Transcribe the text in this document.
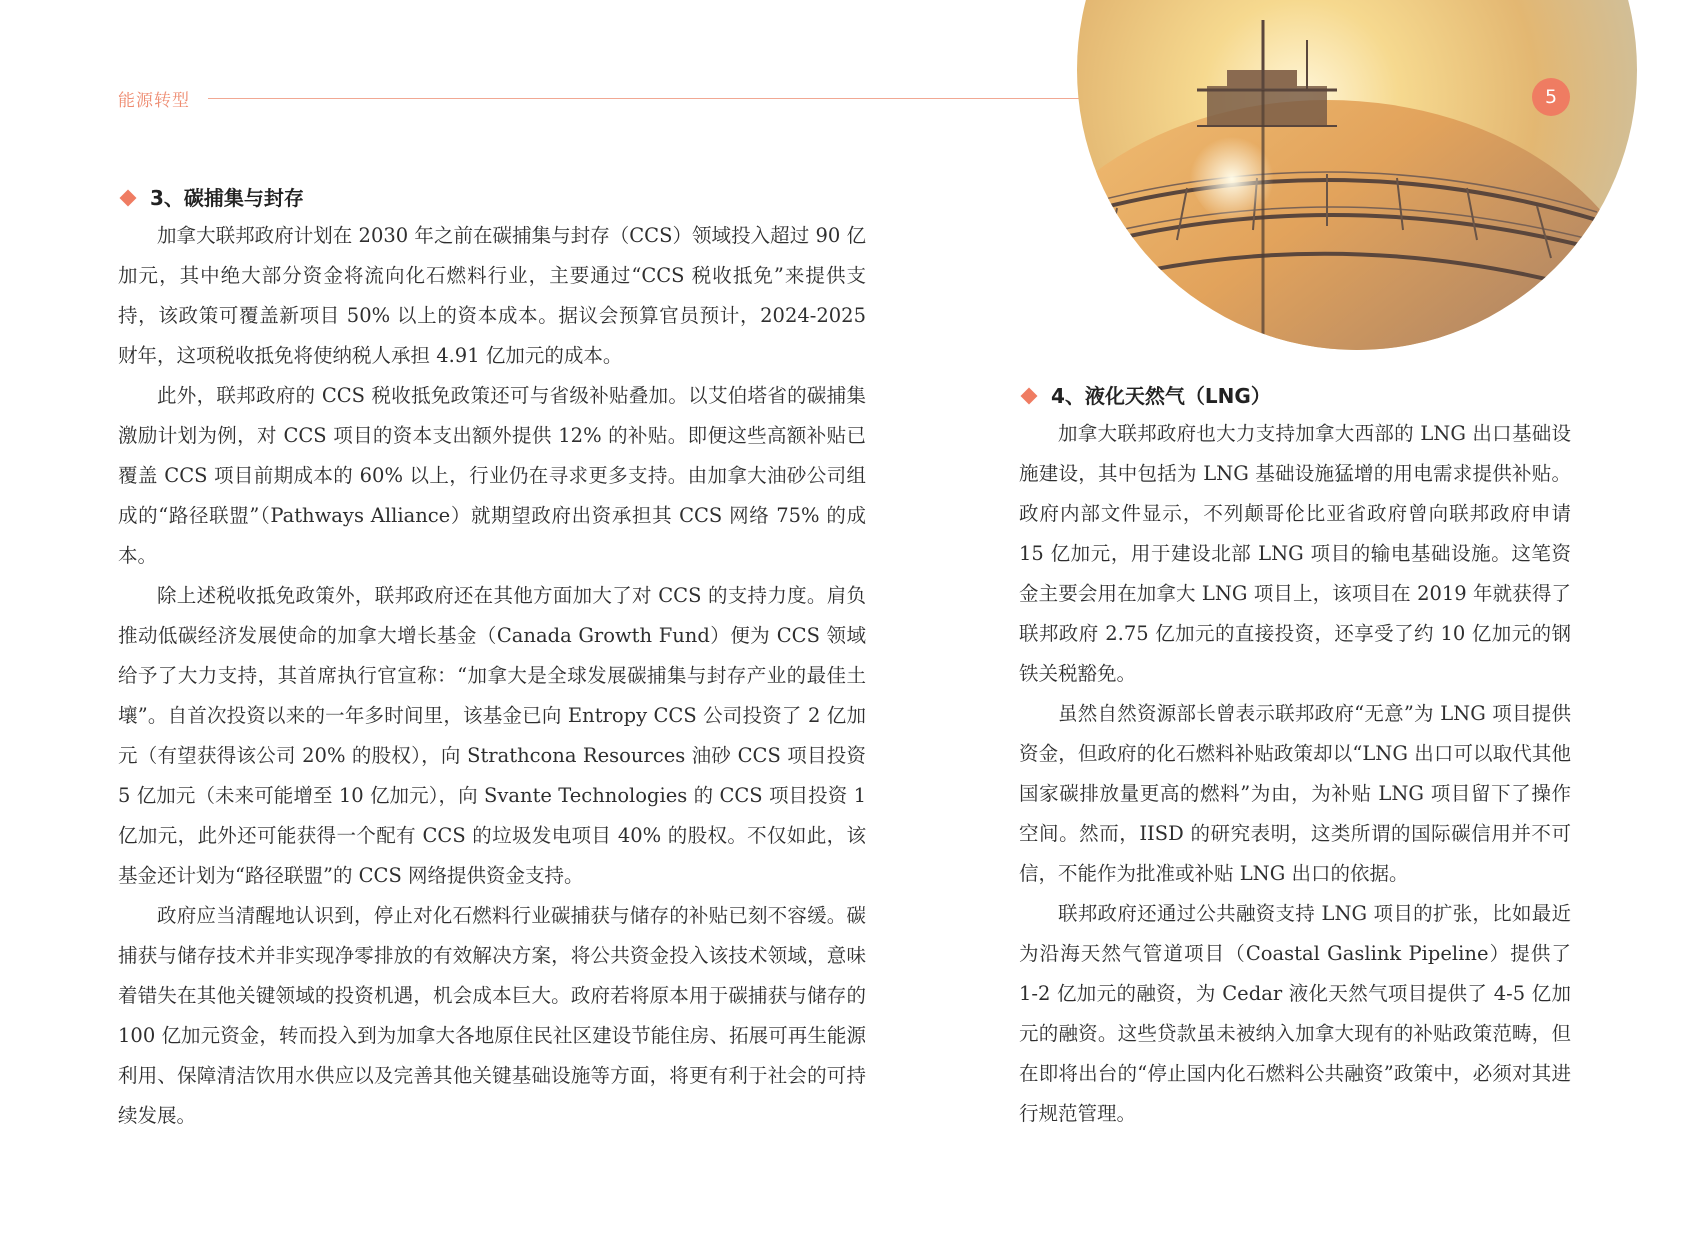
能源转型	5
3、碳捕集与封存

加拿大联邦政府计划在 2030 年之前在碳捕集与封存（CCS）领域投入超过 90 亿加元，其中绝大部分资金将流向化石燃料行业，主要通过“CCS 税收抵免”来提供支持，该政策可覆盖新项目 50% 以上的资本成本。据议会预算官员预计，2024-2025 财年，这项税收抵免将使纳税人承担 4.91 亿加元的成本。

此外，联邦政府的 CCS 税收抵免政策还可与省级补贴叠加。以艾伯塔省的碳捕集激励计划为例，对 CCS 项目的资本支出额外提供 12% 的补贴。即便这些高额补贴已覆盖 CCS 项目前期成本的 60% 以上，行业仍在寻求更多支持。由加拿大油砂公司组成的“路径联盟”（Pathways Alliance）就期望政府出资承担其 CCS 网络 75% 的成本。

除上述税收抵免政策外，联邦政府还在其他方面加大了对 CCS 的支持力度。肩负推动低碳经济发展使命的加拿大增长基金（Canada Growth Fund）便为 CCS 领域给予了大力支持，其首席执行官宣称：“加拿大是全球发展碳捕集与封存产业的最佳土壤”。自首次投资以来的一年多时间里，该基金已向 Entropy CCS 公司投资了 2 亿加元（有望获得该公司 20% 的股权），向 Strathcona Resources 油砂 CCS 项目投资 5 亿加元（未来可能增至 10 亿加元），向 Svante Technologies 的 CCS 项目投资 1 亿加元，此外还可能获得一个配有 CCS 的垃圾发电项目 40% 的股权。不仅如此，该基金还计划为“路径联盟”的 CCS 网络提供资金支持。

政府应当清醒地认识到，停止对化石燃料行业碳捕获与储存的补贴已刻不容缓。碳捕获与储存技术并非实现净零排放的有效解决方案，将公共资金投入该技术领域，意味着错失在其他关键领域的投资机遇，机会成本巨大。政府若将原本用于碳捕获与储存的 100 亿加元资金，转而投入到为加拿大各地原住民社区建设节能住房、拓展可再生能源利用、保障清洁饮用水供应以及完善其他关键基础设施等方面，将更有利于社会的可持续发展。

4、液化天然气（LNG）

加拿大联邦政府也大力支持加拿大西部的 LNG 出口基础设施建设，其中包括为 LNG 基础设施猛增的用电需求提供补贴。政府内部文件显示，不列颠哥伦比亚省政府曾向联邦政府申请 15 亿加元，用于建设北部 LNG 项目的输电基础设施。这笔资金主要会用在加拿大 LNG 项目上，该项目在 2019 年就获得了联邦政府 2.75 亿加元的直接投资，还享受了约 10 亿加元的钢铁关税豁免。

虽然自然资源部长曾表示联邦政府“无意”为 LNG 项目提供资金，但政府的化石燃料补贴政策却以“LNG 出口可以取代其他国家碳排放量更高的燃料”为由，为补贴 LNG 项目留下了操作空间。然而，IISD 的研究表明，这类所谓的国际碳信用并不可信，不能作为批准或补贴 LNG 出口的依据。

联邦政府还通过公共融资支持 LNG 项目的扩张，比如最近为沿海天然气管道项目（Coastal Gaslink Pipeline）提供了 1-2 亿加元的融资，为 Cedar 液化天然气项目提供了 4-5 亿加元的融资。这些贷款虽未被纳入加拿大现有的补贴政策范畴，但在即将出台的“停止国内化石燃料公共融资”政策中，必须对其进行规范管理。
